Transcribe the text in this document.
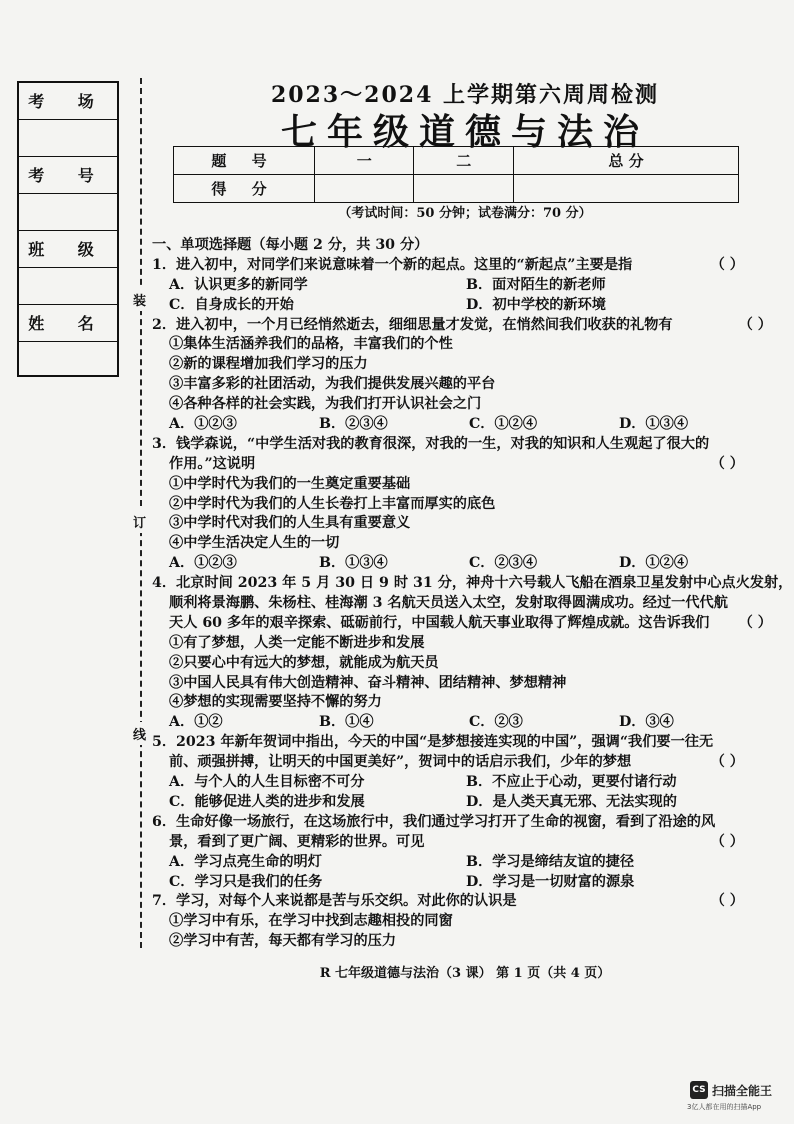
考 场
考 号
班 级
姓 名
装
订
线
2023～2024 上学期第六周周检测
七年级道德与法治
题 号	一	二	总 分
得 分			
（考试时间：50 分钟；试卷满分：70 分）
一、单项选择题（每小题 2 分，共 30 分）
1．进入初中，对同学们来说意味着一个新的起点。这里的“新起点”主要是指	（ ）
A．认识更多的新同学	B．面对陌生的新老师
C．自身成长的开始	D．初中学校的新环境
2．进入初中，一个月已经悄然逝去，细细思量才发觉，在悄然间我们收获的礼物有	（ ）
①集体生活涵养我们的品格，丰富我们的个性
②新的课程增加我们学习的压力
③丰富多彩的社团活动，为我们提供发展兴趣的平台
④各种各样的社会实践，为我们打开认识社会之门
A．①②③	B．②③④	C．①②④	D．①③④
3．钱学森说，“中学生活对我的教育很深，对我的一生，对我的知识和人生观起了很大的
作用。”这说明	（ ）
①中学时代为我们的一生奠定重要基础
②中学时代为我们的人生长卷打上丰富而厚实的底色
③中学时代对我们的人生具有重要意义
④中学生活决定人生的一切
A．①②③	B．①③④	C．②③④	D．①②④
4．北京时间 2023 年 5 月 30 日 9 时 31 分，神舟十六号载人飞船在酒泉卫星发射中心点火发射，
顺利将景海鹏、朱杨柱、桂海潮 3 名航天员送入太空，发射取得圆满成功。经过一代代航
天人 60 多年的艰辛探索、砥砺前行，中国载人航天事业取得了辉煌成就。这告诉我们 （ ）
①有了梦想，人类一定能不断进步和发展
②只要心中有远大的梦想，就能成为航天员
③中国人民具有伟大创造精神、奋斗精神、团结精神、梦想精神
④梦想的实现需要坚持不懈的努力
A．①②	B．①④	C．②③	D．③④
5．2023 年新年贺词中指出，今天的中国“是梦想接连实现的中国”，强调“我们要一往无
前、顽强拼搏，让明天的中国更美好”，贺词中的话启示我们，少年的梦想	（ ）
A．与个人的人生目标密不可分	B．不应止于心动，更要付诸行动
C．能够促进人类的进步和发展	D．是人类天真无邪、无法实现的
6．生命好像一场旅行，在这场旅行中，我们通过学习打开了生命的视窗，看到了沿途的风
景，看到了更广阔、更精彩的世界。可见	（ ）
A．学习点亮生命的明灯	B．学习是缔结友谊的捷径
C．学习只是我们的任务	D．学习是一切财富的源泉
7．学习，对每个人来说都是苦与乐交织。对此你的认识是	（ ）
①学习中有乐，在学习中找到志趣相投的同窗
②学习中有苦，每天都有学习的压力
R 七年级道德与法治（3 课） 第 1 页（共 4 页）
CS 扫描全能王
3亿人都在用的扫描App
